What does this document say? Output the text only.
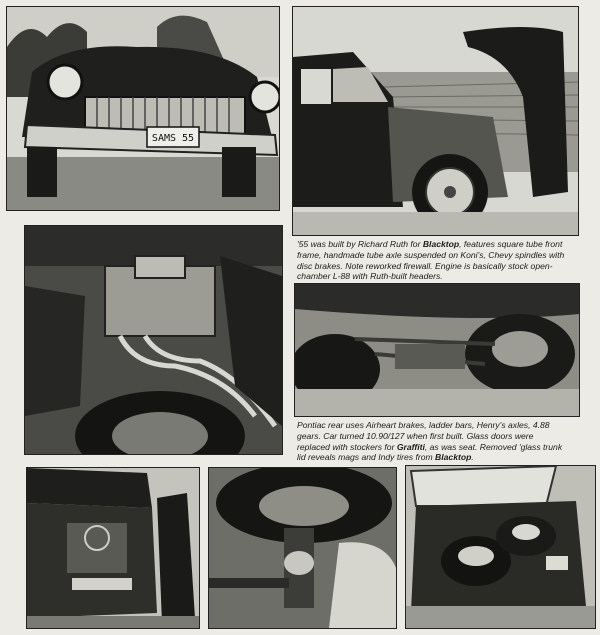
SAMS 55
'55 was built by Richard Ruth for Blacktop, features square tube front
frame, handmade tube axle suspended on Koni's, Chevy spindles with
disc brakes. Note reworked firewall. Engine is basically stock open-
chamber L-88 with Ruth-built headers.
Pontiac rear uses Airheart brakes, ladder bars, Henry's axles, 4.88
gears. Car turned 10.90/127 when first built. Glass doors were
replaced with stockers for Graffiti, as was seat. Removed 'glass trunk
lid reveals mags and Indy tires from Blacktop.
